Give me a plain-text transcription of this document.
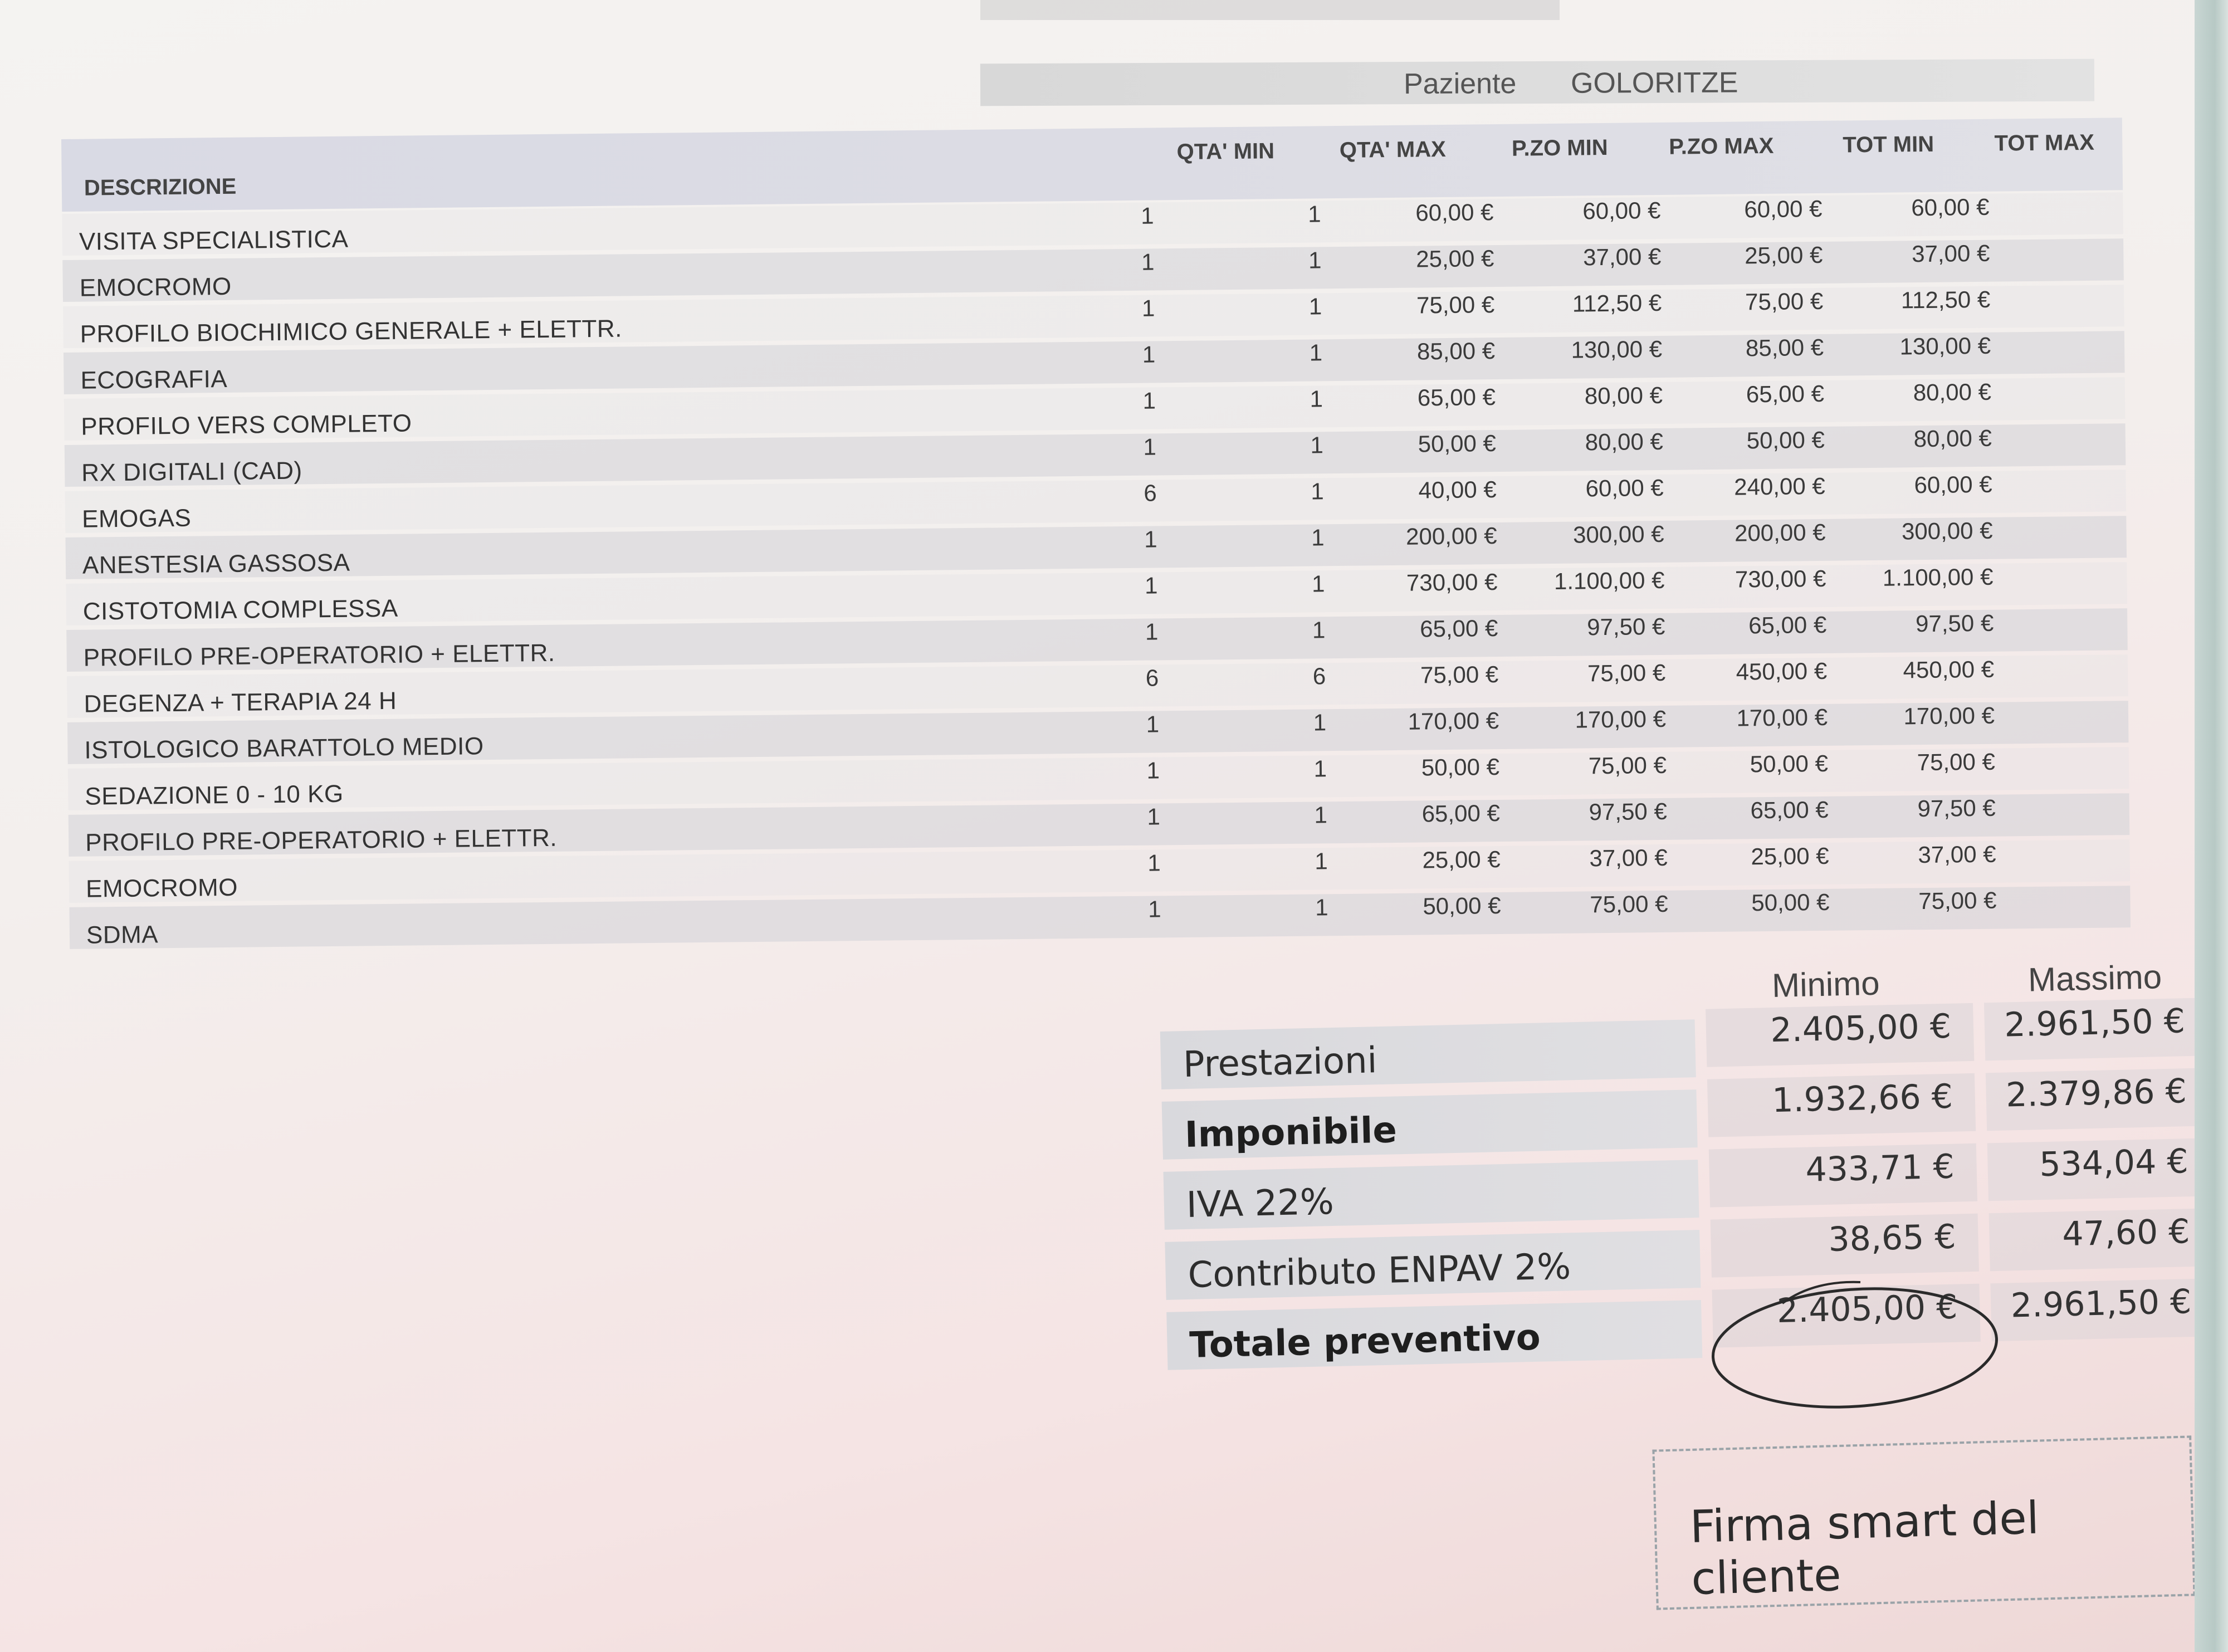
Paziente GOLORITZE
DESCRIZIONE
QTA' MIN	QTA' MAX	P.ZO MIN	P.ZO MAX	TOT MIN	TOT MAX
VISITA SPECIALISTICA
1	1	60,00 €	60,00 €	60,00 €	60,00 €
EMOCROMO
1	1	25,00 €	37,00 €	25,00 €	37,00 €
PROFILO BIOCHIMICO GENERALE + ELETTR.
1	1	75,00 €	112,50 €	75,00 €	112,50 €
ECOGRAFIA
1	1	85,00 €	130,00 €	85,00 €	130,00 €
PROFILO VERS COMPLETO
1	1	65,00 €	80,00 €	65,00 €	80,00 €
RX DIGITALI (CAD)
1	1	50,00 €	80,00 €	50,00 €	80,00 €
EMOGAS
6	1	40,00 €	60,00 €	240,00 €	60,00 €
ANESTESIA GASSOSA
1	1	200,00 €	300,00 €	200,00 €	300,00 €
CISTOTOMIA COMPLESSA
1	1	730,00 € 1.100,00 €	730,00 € 1.100,00 €
PROFILO PRE-OPERATORIO + ELETTR.
1	1	65,00 €	97,50 €	65,00 €	97,50 €
DEGENZA + TERAPIA 24 H
6	6	75,00 €	75,00 €	450,00 €	450,00 €
ISTOLOGICO BARATTOLO MEDIO
1	1	170,00 €	170,00 €	170,00 €	170,00 €
SEDAZIONE 0 - 10 KG
1	1	50,00 €	75,00 €	50,00 €	75,00 €
PROFILO PRE-OPERATORIO + ELETTR.
1	1	65,00 €	97,50 €	65,00 €	97,50 €
EMOCROMO
1	1	25,00 €	37,00 €	25,00 €	37,00 €
SDMA
1	1	50,00 €	75,00 €	50,00 €	75,00 €
Minimo	Massimo
Prestazioni
2.405,00 € 2.961,50 €
Imponibile
1.932,66 € 2.379,86 €
IVA 22%
433,71 €	534,04 €
Contributo ENPAV 2%
38,65 €	47,60 €
Totale preventivo
2.405,00 € 2.961,50 €
Firma smart del cliente
